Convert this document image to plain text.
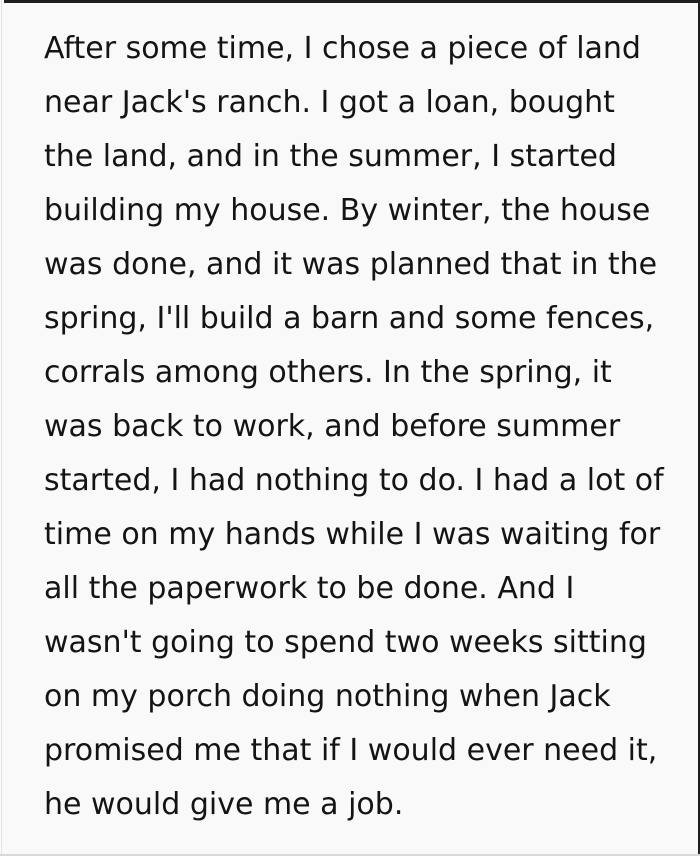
After some time, I chose a piece of land
near Jack's ranch. I got a loan, bought
the land, and in the summer, I started
building my house. By winter, the house
was done, and it was planned that in the
spring, I'll build a barn and some fences,
corrals among others. In the spring, it
was back to work, and before summer
started, I had nothing to do. I had a lot of
time on my hands while I was waiting for
all the paperwork to be done. And I
wasn't going to spend two weeks sitting
on my porch doing nothing when Jack
promised me that if I would ever need it,
he would give me a job.
